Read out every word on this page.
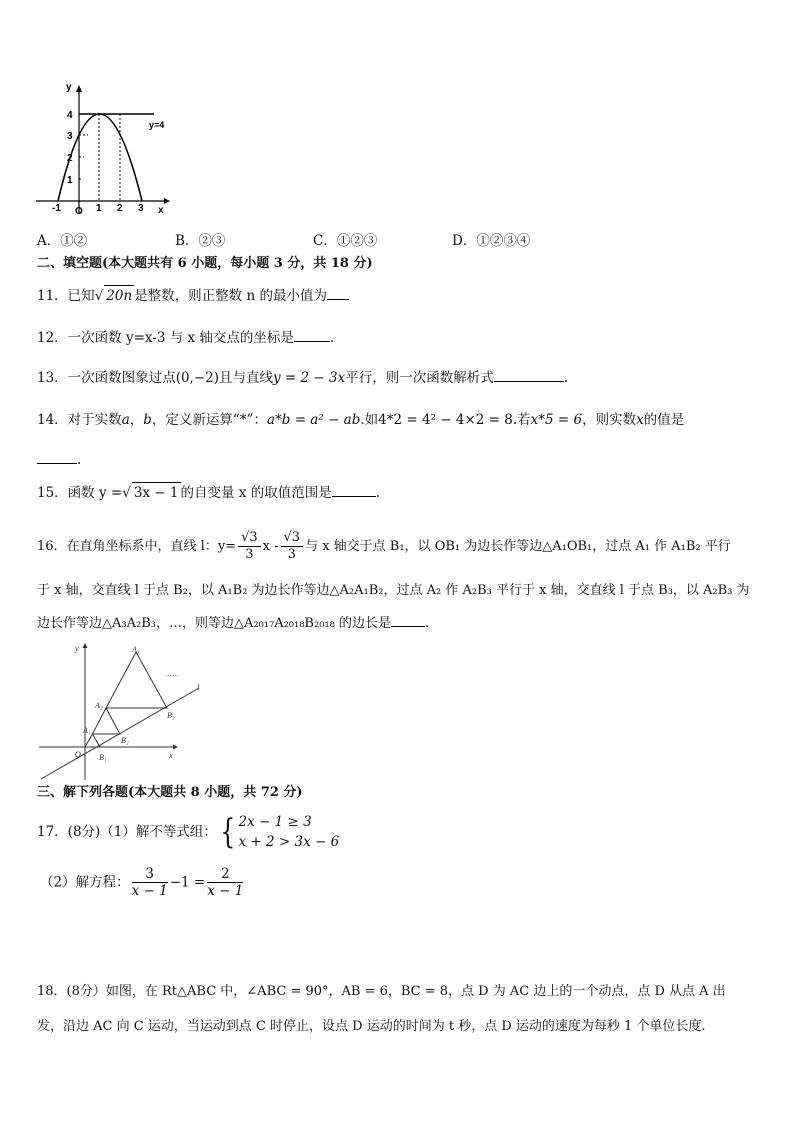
y
x
O
4
3
2
1
-1	1 2 3
y=4
A．①②	B．②③	C．①②③	D．①②③④
二、填空题(本大题共有 6 小题，每小题 3 分，共 18 分)
11．已知√ 20n 是整数，则正整数 n 的最小值为
12．一次函数 y=x-3 与 x 轴交点的坐标是	.
13．一次函数图象过点(0,−2)且与直线y = 2 − 3x平行，则一次函数解析式	.
14．对于实数a，b，定义新运算“*”：a*b = a² − ab.如4*2 = 4² − 4×2 = 8.若x*5 = 6，则实数x的值是
.
15．函数 y =√ 3x − 1 的自变量 x 的取值范围是	.
16．在直角坐标系中，直线 l：$y= \frac{√3}{3}$ x - $\frac{√3}{3}$ 与 x 轴交于点 B₁，以 OB₁ 为边长作等边△A₁OB₁，过点 A₁ 作 A₁B₂ 平行
于 x 轴，交直线 l 于点 B₂，以 A₁B₂ 为边长作等边△A₂A₁B₂，过点 A₂ 作 A₂B₃ 平行于 x 轴，交直线 l 于点 B₃，以 A₂B₃ 为
边长作等边△A₃A₂B₃，…，则等边△A₂₀₁₇A₂₀₁₈B₂₀₁₈ 的边长是	.
y
x
O
l
A₁
A₂
A₃
B₁
B₂
B₃
……
三、解下列各题(本大题共 8 小题，共 72 分)
17．(8分)（1）解不等式组：{ 2x − 1 ≥ 3
x + 2 > 3x − 6
（2）解方程： $\frac{3}{x - 1} -1 = \frac{2}{x - 1}$
18．(8分）如图，在 Rt△ABC 中，∠ABC = 90°，AB = 6，BC = 8，点 D 为 AC 边上的一个动点，点 D 从点 A 出
发，沿边 AC 向 C 运动，当运动到点 C 时停止，设点 D 运动的时间为 t 秒，点 D 运动的速度为每秒 1 个单位长度.
